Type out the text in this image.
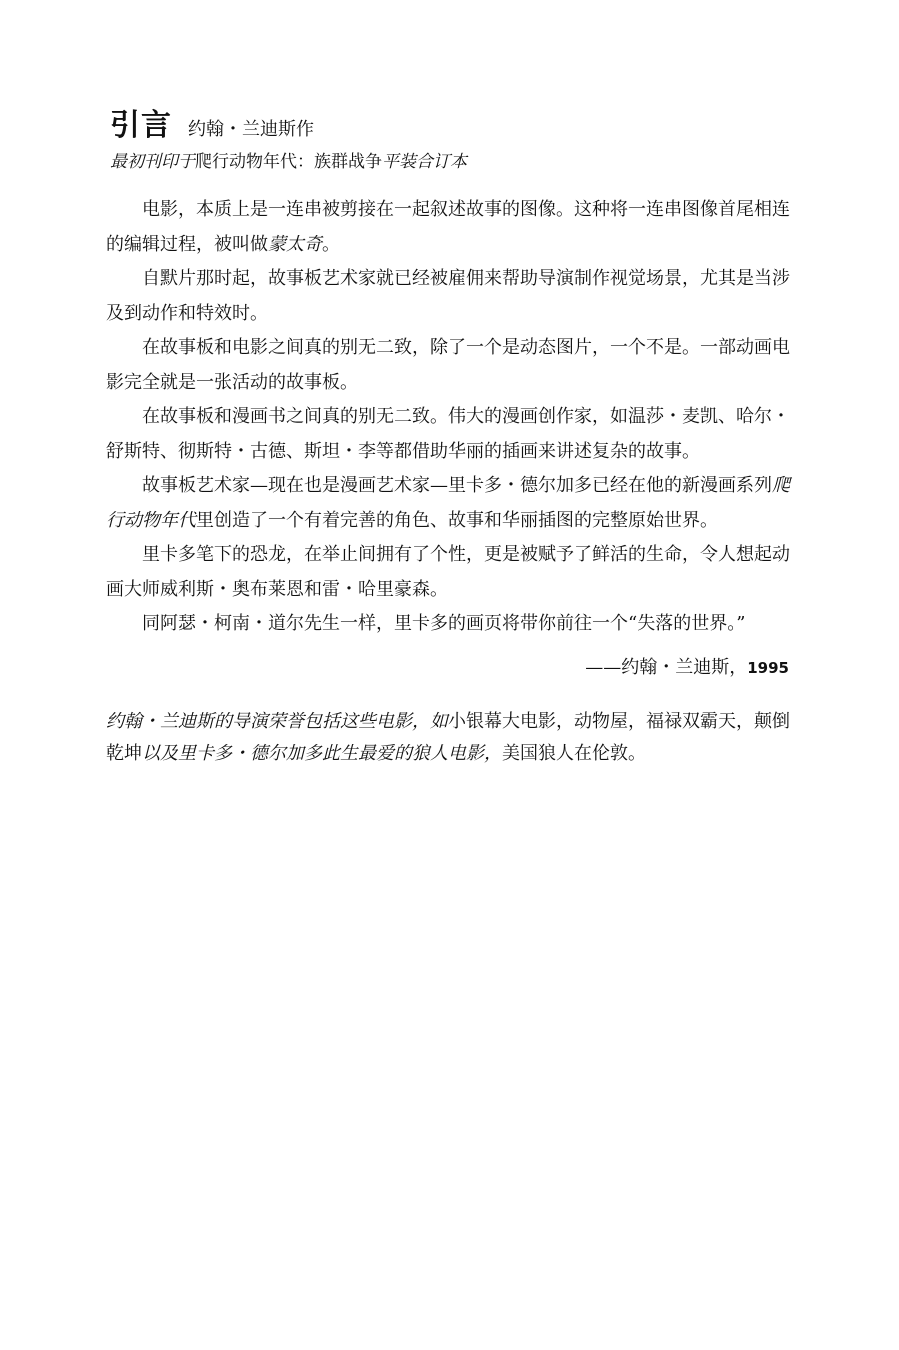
引言 约翰・兰迪斯作
最初刊印于爬行动物年代：族群战争平装合订本

电影，本质上是一连串被剪接在一起叙述故事的图像。这种将一连串图像首尾相连的编辑过程，被叫做蒙太奇。

自默片那时起，故事板艺术家就已经被雇佣来帮助导演制作视觉场景，尤其是当涉及到动作和特效时。

在故事板和电影之间真的别无二致，除了一个是动态图片，一个不是。一部动画电影完全就是一张活动的故事板。

在故事板和漫画书之间真的别无二致。伟大的漫画创作家，如温莎・麦凯、哈尔・舒斯特、彻斯特・古德、斯坦・李等都借助华丽的插画来讲述复杂的故事。

故事板艺术家—现在也是漫画艺术家—里卡多・德尔加多已经在他的新漫画系列爬行动物年代里创造了一个有着完善的角色、故事和华丽插图的完整原始世界。

里卡多笔下的恐龙，在举止间拥有了个性，更是被赋予了鲜活的生命，令人想起动画大师威利斯・奥布莱恩和雷・哈里豪森。

同阿瑟・柯南・道尔先生一样，里卡多的画页将带你前往一个“失落的世界。”

——约翰・兰迪斯，1995
约翰・兰迪斯的导演荣誉包括这些电影，如小银幕大电影，动物屋，福禄双霸天，颠倒乾坤以及里卡多・德尔加多此生最爱的狼人电影，美国狼人在伦敦。
